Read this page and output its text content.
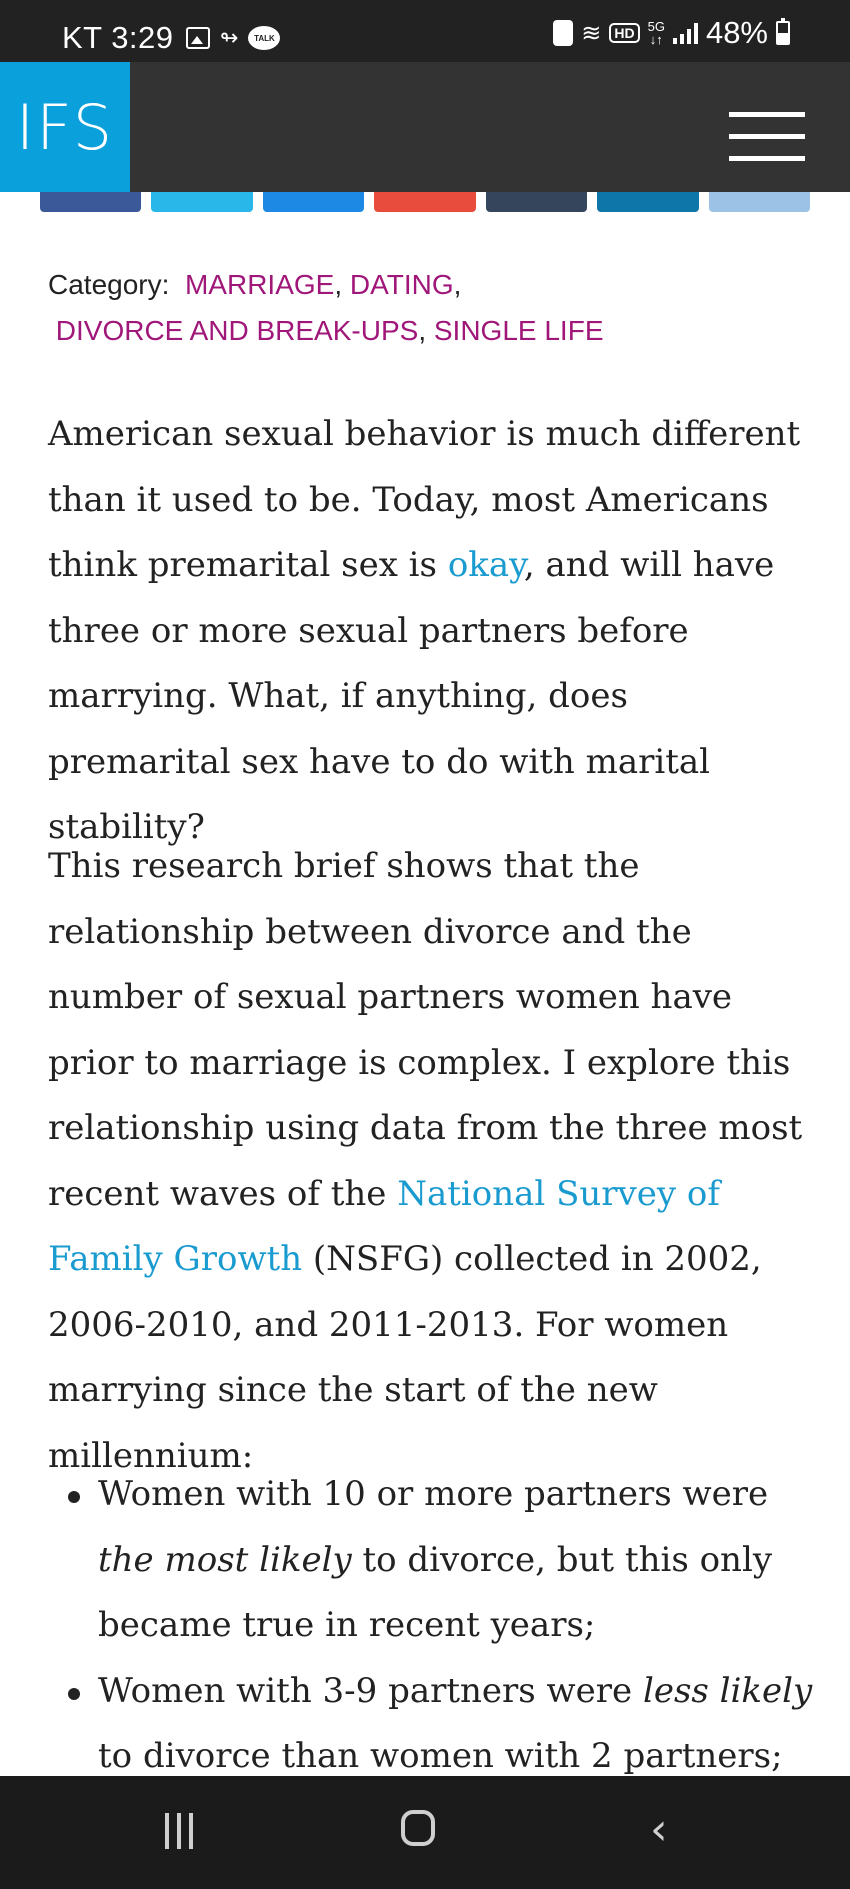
KT 3:29 ↬ TALK	≋ HD	5G
↓↑ 48%
IFS
Category: MARRIAGE, DATING,
DIVORCE AND BREAK-UPS, SINGLE LIFE

American sexual behavior is much different than it used to be. Today, most Americans think premarital sex is okay, and will have three or more sexual partners before marrying. What, if anything, does premarital sex have to do with marital stability?

This research brief shows that the relationship between divorce and the number of sexual partners women have prior to marriage is complex. I explore this relationship using data from the three most recent waves of the National Survey of Family Growth (NSFG) collected in 2002, 2006-2010, and 2011-2013. For women marrying since the start of the new millennium:

Women with 10 or more partners were the most likely to divorce, but this only became true in recent years;
Women with 3-9 partners were less likely to divorce than women with 2 partners;
‹
